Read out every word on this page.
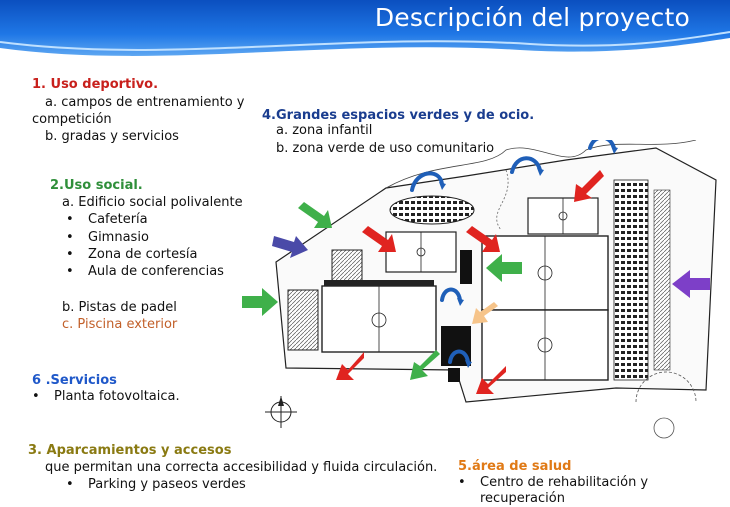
Descripción del proyecto
1. Uso deportivo.
a. campos de entrenamiento y
competición
b. gradas y servicios
2.Uso social.
a. Edificio social polivalente
• Cafetería
• Gimnasio
• Zona de cortesía
• Aula de conferencias
b. Pistas de padel
c. Piscina exterior
4.Grandes espacios verdes y de ocio.
a. zona infantil
b. zona verde de uso comunitario
6 .Servicios
• Planta fotovoltaica.
3. Aparcamientos y accesos
que permitan una correcta accesibilidad y fluida circulación.
• Parking y paseos verdes
5.área de salud
• Centro de rehabilitación y
recuperación
